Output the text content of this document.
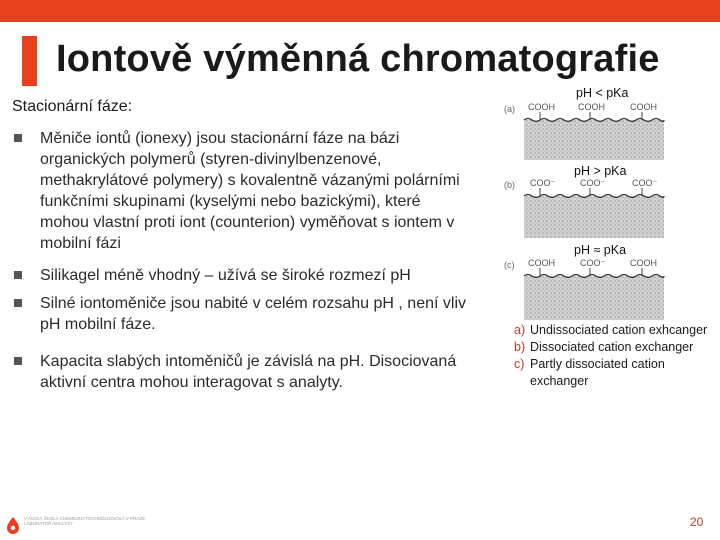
Iontově výměnná chromatografie
Stacionární fáze:
Měniče iontů (ionexy) jsou stacionární fáze na bázi organických polymerů (styren-divinylbenzenové, methakrylátové polymery) s kovalentně vázanými polárními funkčními skupinami (kyselými nebo bazickými), které mohou vlastní proti iont (counterion) vyměňovat s iontem v mobilní fázi
Silikagel méně vhodný – užívá se široké rozmezí pH
Silné iontoměniče jsou nabité v celém rozsahu pH , není vliv pH mobilní fáze.
Kapacita slabých intoměničů je závislá na pH. Disociovaná aktivní centra mohou interagovat s analyty.
(a)
(b)
(c)
pH < pKa
pH > pKa
pH ≈ pKa
COOH	COOH	COOH
COO⁻	COO⁻	COO⁻
COOH	COO⁻	COOH
a) Undissociated cation exhcanger
b) Dissociated cation exchanger
c) Partly dissociated cation exchanger
VYSOKÁ ŠKOLA CHEMICKO-TECHNOLOGICKÁ V PRAZE · LABORATOŘ ANALÝZY	20
